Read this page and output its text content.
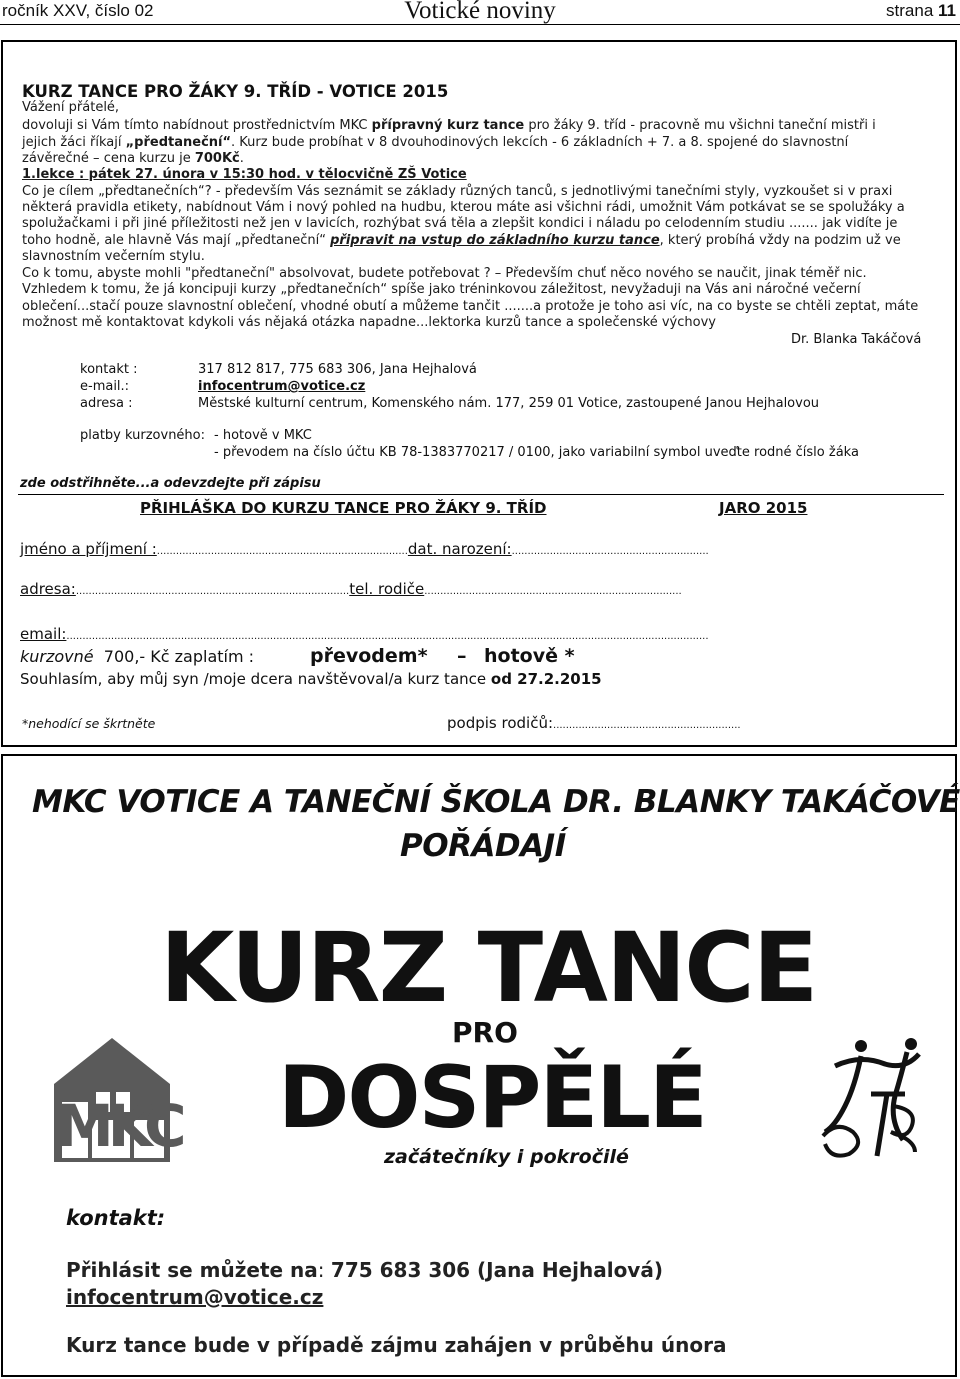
ročník XXV, číslo 02	Votické noviny	strana 11
KURZ TANCE PRO ŽÁKY 9. TŘÍD - VOTICE 2015
Vážení přátelé,
dovoluji si Vám tímto nabídnout prostřednictvím MKC přípravný kurz tance pro žáky 9. tříd - pracovně mu všichni taneční mistři i
jejich žáci říkají „předtaneční“. Kurz bude probíhat v 8 dvouhodinových lekcích - 6 základních + 7. a 8. spojené do slavnostní
závěrečné – cena kurzu je 700Kč.
1.lekce : pátek 27. února v 15:30 hod. v tělocvičně ZŠ Votice
Co je cílem „předtanečních“? - především Vás seznámit se základy různých tanců, s jednotlivými tanečními styly, vyzkoušet si v praxi
některá pravidla etikety, nabídnout Vám i nový pohled na hudbu, kterou máte asi všichni rádi, umožnit Vám potkávat se se spolužáky a
spolužačkami i při jiné příležitosti než jen v lavicích, rozhýbat svá těla a zlepšit kondici i náladu po celodenním studiu ....... jak vidíte je
toho hodně, ale hlavně Vás mají „předtaneční“ připravit na vstup do základního kurzu tance, který probíhá vždy na podzim už ve
slavnostním večerním stylu.
Co k tomu, abyste mohli "předtaneční" absolvovat, budete potřebovat ? – Především chuť něco nového se naučit, jinak téměř nic.
Vzhledem k tomu, že já koncipuji kurzy „předtanečních“ spíše jako tréninkovou záležitost, nevyžaduji na Vás ani náročné večerní
oblečení...stačí pouze slavnostní oblečení, vhodné obutí a můžeme tančit .......a protože je toho asi víc, na co byste se chtěli zeptat, máte
možnost mě kontaktovat kdykoli vás nějaká otázka napadne...lektorka kurzů tance a společenské výchovy
Dr. Blanka Takáčová
kontakt :	317 812 817, 775 683 306, Jana Hejhalová
e-mail.:	infocentrum@votice.cz
adresa :	Městské kulturní centrum, Komenského nám. 177, 259 01 Votice, zastoupené Janou Hejhalovou
platby kurzovného: - hotově v MKC
- převodem na číslo účtu KB 78-1383770217 / 0100, jako variabilní symbol uveďte rodné číslo žáka
zde odstřihněte...a odevzdejte při zápisu
PŘIHLÁŠKA DO KURZU TANCE PRO ŽÁKY 9. TŘÍD	JARO 2015
jméno a příjmení :...............................................................................dat. narození:..............................................................
adresa:......................................................................................tel. rodiče.................................................................................
email:..........................................................................................................................................................................................................
kurzovné 700,- Kč zaplatím :	převodem* – hotově *
Souhlasím, aby můj syn /moje dcera navštěvoval/a kurz tance od 27.2.2015
*nehodící se škrtněte	podpis rodičů:...........................................................
MKC VOTICE A TANEČNÍ ŠKOLA DR. BLANKY TAKÁČOVÉ
POŘÁDAJÍ
KURZ TANCE
PRO
DOSPĚLÉ
začátečníky i pokročilé
MKC
kontakt:
Přihlásit se můžete na: 775 683 306 (Jana Hejhalová)
infocentrum@votice.cz
Kurz tance bude v případě zájmu zahájen v průběhu února
